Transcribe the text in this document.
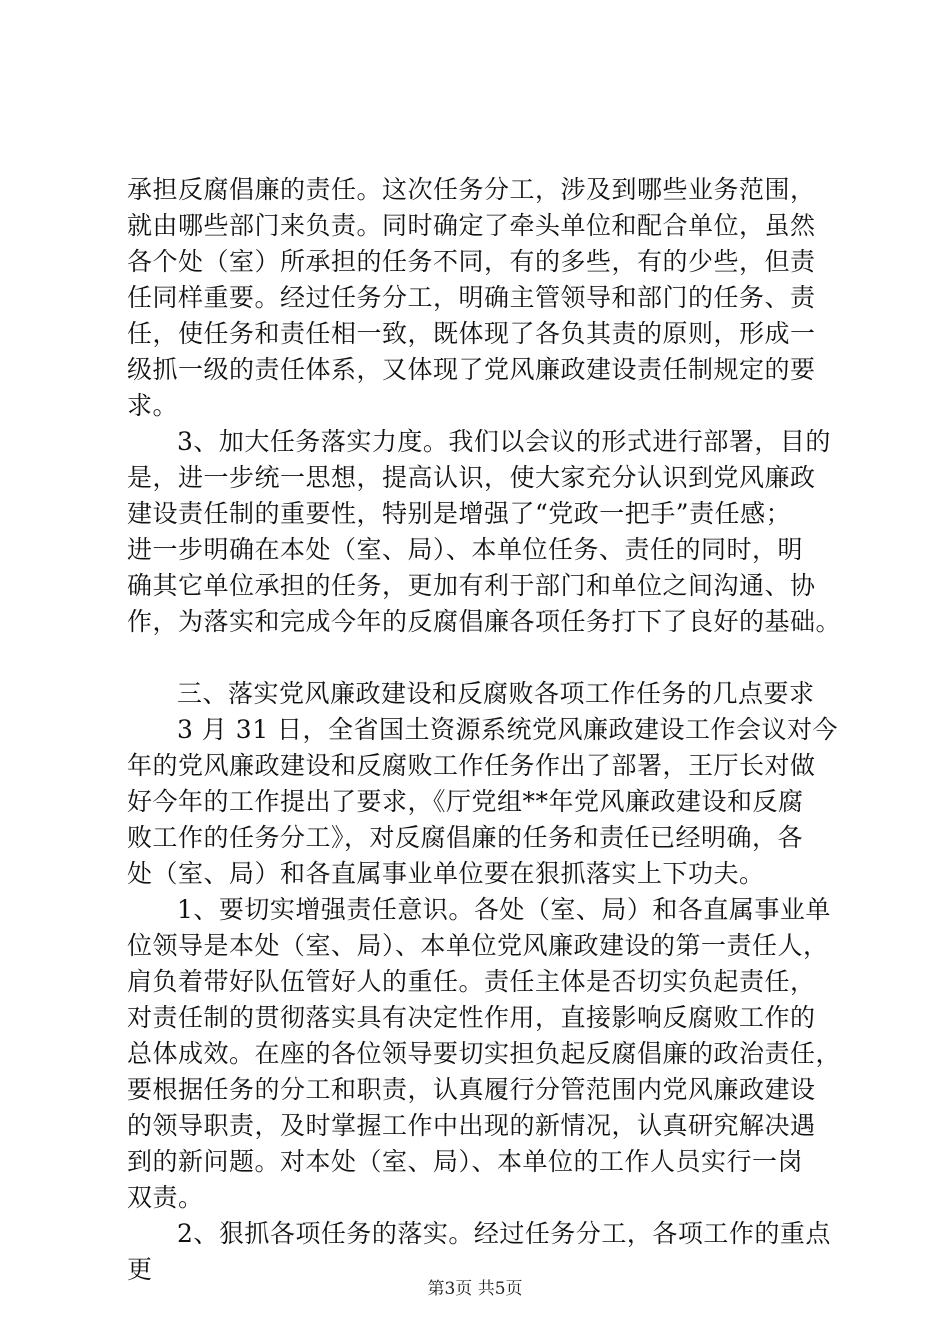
承担反腐倡廉的责任。这次任务分工，涉及到哪些业务范围，
就由哪些部门来负责。同时确定了牵头单位和配合单位，虽然
各个处（室）所承担的任务不同，有的多些，有的少些，但责
任同样重要。经过任务分工，明确主管领导和部门的任务、责
任，使任务和责任相一致，既体现了各负其责的原则，形成一
级抓一级的责任体系，又体现了党风廉政建设责任制规定的要
求。
3、加大任务落实力度。我们以会议的形式进行部署，目的
是，进一步统一思想，提高认识，使大家充分认识到党风廉政
建设责任制的重要性，特别是增强了“党政一把手”责任感；
进一步明确在本处（室、局）、本单位任务、责任的同时，明
确其它单位承担的任务，更加有利于部门和单位之间沟通、协
作，为落实和完成今年的反腐倡廉各项任务打下了良好的基础。
三、落实党风廉政建设和反腐败各项工作任务的几点要求
3 月 31 日，全省国土资源系统党风廉政建设工作会议对今
年的党风廉政建设和反腐败工作任务作出了部署，王厅长对做
好今年的工作提出了要求，《厅党组**年党风廉政建设和反腐
败工作的任务分工》，对反腐倡廉的任务和责任已经明确，各
处（室、局）和各直属事业单位要在狠抓落实上下功夫。
1、要切实增强责任意识。各处（室、局）和各直属事业单
位领导是本处（室、局）、本单位党风廉政建设的第一责任人，
肩负着带好队伍管好人的重任。责任主体是否切实负起责任，
对责任制的贯彻落实具有决定性作用，直接影响反腐败工作的
总体成效。在座的各位领导要切实担负起反腐倡廉的政治责任，
要根据任务的分工和职责，认真履行分管范围内党风廉政建设
的领导职责，及时掌握工作中出现的新情况，认真研究解决遇
到的新问题。对本处（室、局）、本单位的工作人员实行一岗
双责。
2、狠抓各项任务的落实。经过任务分工，各项工作的重点
更
第3页 共5页
